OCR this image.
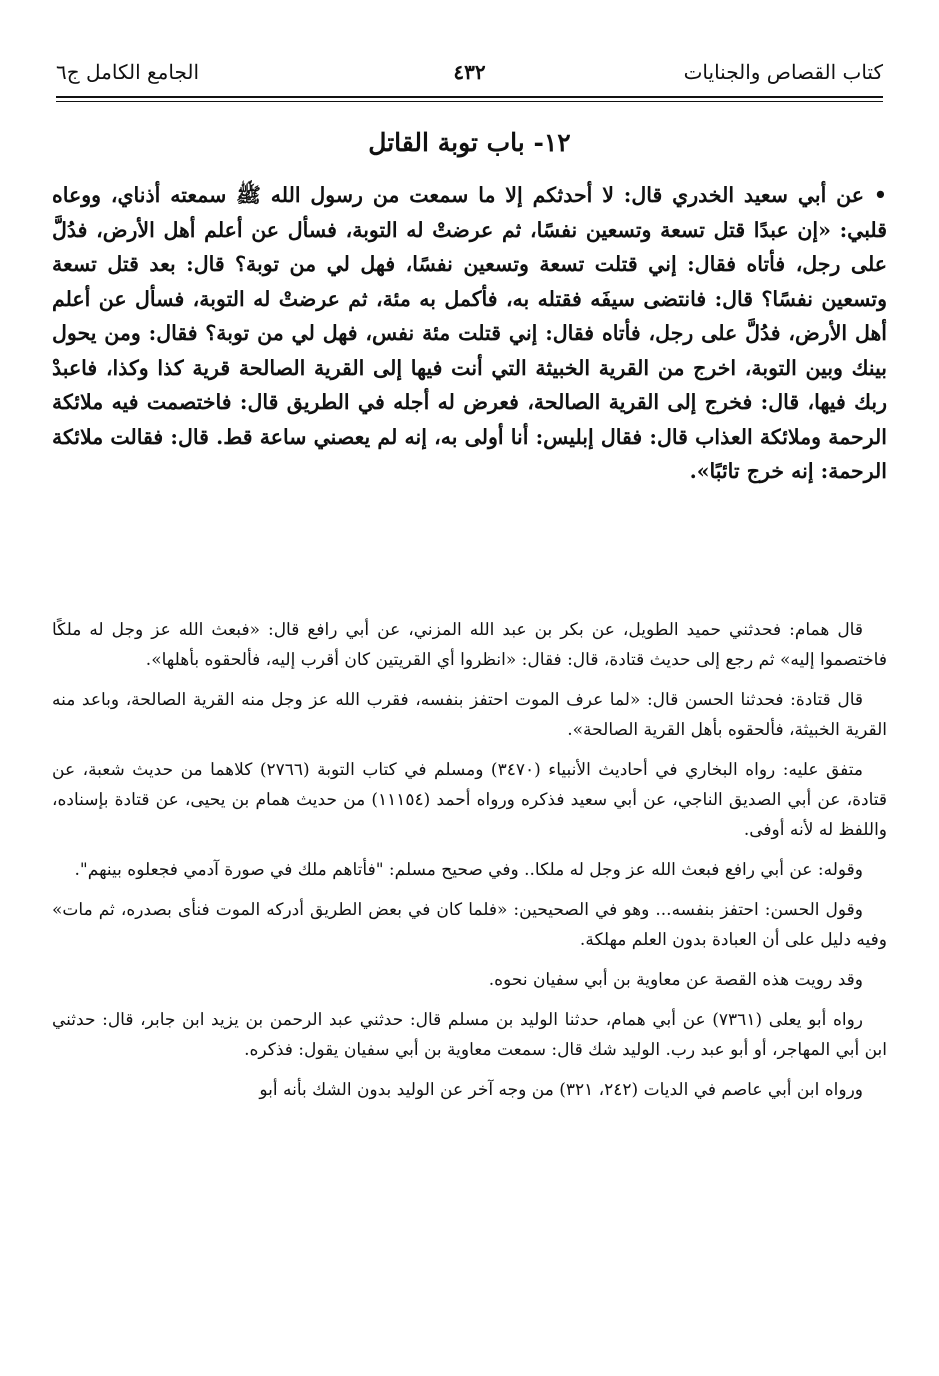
كتاب القصاص والجنايات
٤٣٢
الجامع الكامل ج٦
١٢- باب توبة القاتل
• عن أبي سعيد الخدري قال: لا أحدثكم إلا ما سمعت من رسول الله ﷺ سمعته أذناي، ووعاه قلبي: «إن عبدًا قتل تسعة وتسعين نفسًا، ثم عرضتْ له التوبة، فسأل عن أعلم أهل الأرض، فدُلَّ على رجل، فأتاه فقال: إني قتلت تسعة وتسعين نفسًا، فهل لي من توبة؟ قال: بعد قتل تسعة وتسعين نفسًا؟ قال: فانتضى سيفَه فقتله به، فأكمل به مئة، ثم عرضتْ له التوبة، فسأل عن أعلم أهل الأرض، فدُلَّ على رجل، فأتاه فقال: إني قتلت مئة نفس، فهل لي من توبة؟ فقال: ومن يحول بينك وبين التوبة، اخرج من القرية الخبيثة التي أنت فيها إلى القرية الصالحة قرية كذا وكذا، فاعبدْ ربك فيها، قال: فخرج إلى القرية الصالحة، فعرض له أجله في الطريق قال: فاختصمت فيه ملائكة الرحمة وملائكة العذاب قال: فقال إبليس: أنا أولى به، إنه لم يعصني ساعة قط. قال: فقالت ملائكة الرحمة: إنه خرج تائبًا».

قال همام: فحدثني حميد الطويل، عن بكر بن عبد الله المزني، عن أبي رافع قال: «فبعث الله عز وجل له ملكًا فاختصموا إليه» ثم رجع إلى حديث قتادة، قال: فقال: «انظروا أي القريتين كان أقرب إليه، فألحقوه بأهلها».

قال قتادة: فحدثنا الحسن قال: «لما عرف الموت احتفز بنفسه، فقرب الله عز وجل منه القرية الصالحة، وباعد منه القرية الخبيثة، فألحقوه بأهل القرية الصالحة».

متفق عليه: رواه البخاري في أحاديث الأنبياء (٣٤٧٠) ومسلم في كتاب التوبة (٢٧٦٦) كلاهما من حديث شعبة، عن قتادة، عن أبي الصديق الناجي، عن أبي سعيد فذكره ورواه أحمد (١١١٥٤) من حديث همام بن يحيى، عن قتادة بإسناده، واللفظ له لأنه أوفى.

وقوله: عن أبي رافع فبعث الله عز وجل له ملكا.. وفي صحيح مسلم: "فأتاهم ملك في صورة آدمي فجعلوه بينهم".

وقول الحسن: احتفز بنفسه... وهو في الصحيحين: «فلما كان في بعض الطريق أدركه الموت فنأى بصدره، ثم مات» وفيه دليل على أن العبادة بدون العلم مهلكة.

وقد رويت هذه القصة عن معاوية بن أبي سفيان نحوه.

رواه أبو يعلى (٧٣٦١) عن أبي همام، حدثنا الوليد بن مسلم قال: حدثني عبد الرحمن بن يزيد ابن جابر، قال: حدثني ابن أبي المهاجر، أو أبو عبد رب. الوليد شك قال: سمعت معاوية بن أبي سفيان يقول: فذكره.

ورواه ابن أبي عاصم في الديات (٢٤٢، ٣٢١) من وجه آخر عن الوليد بدون الشك بأنه أبو
